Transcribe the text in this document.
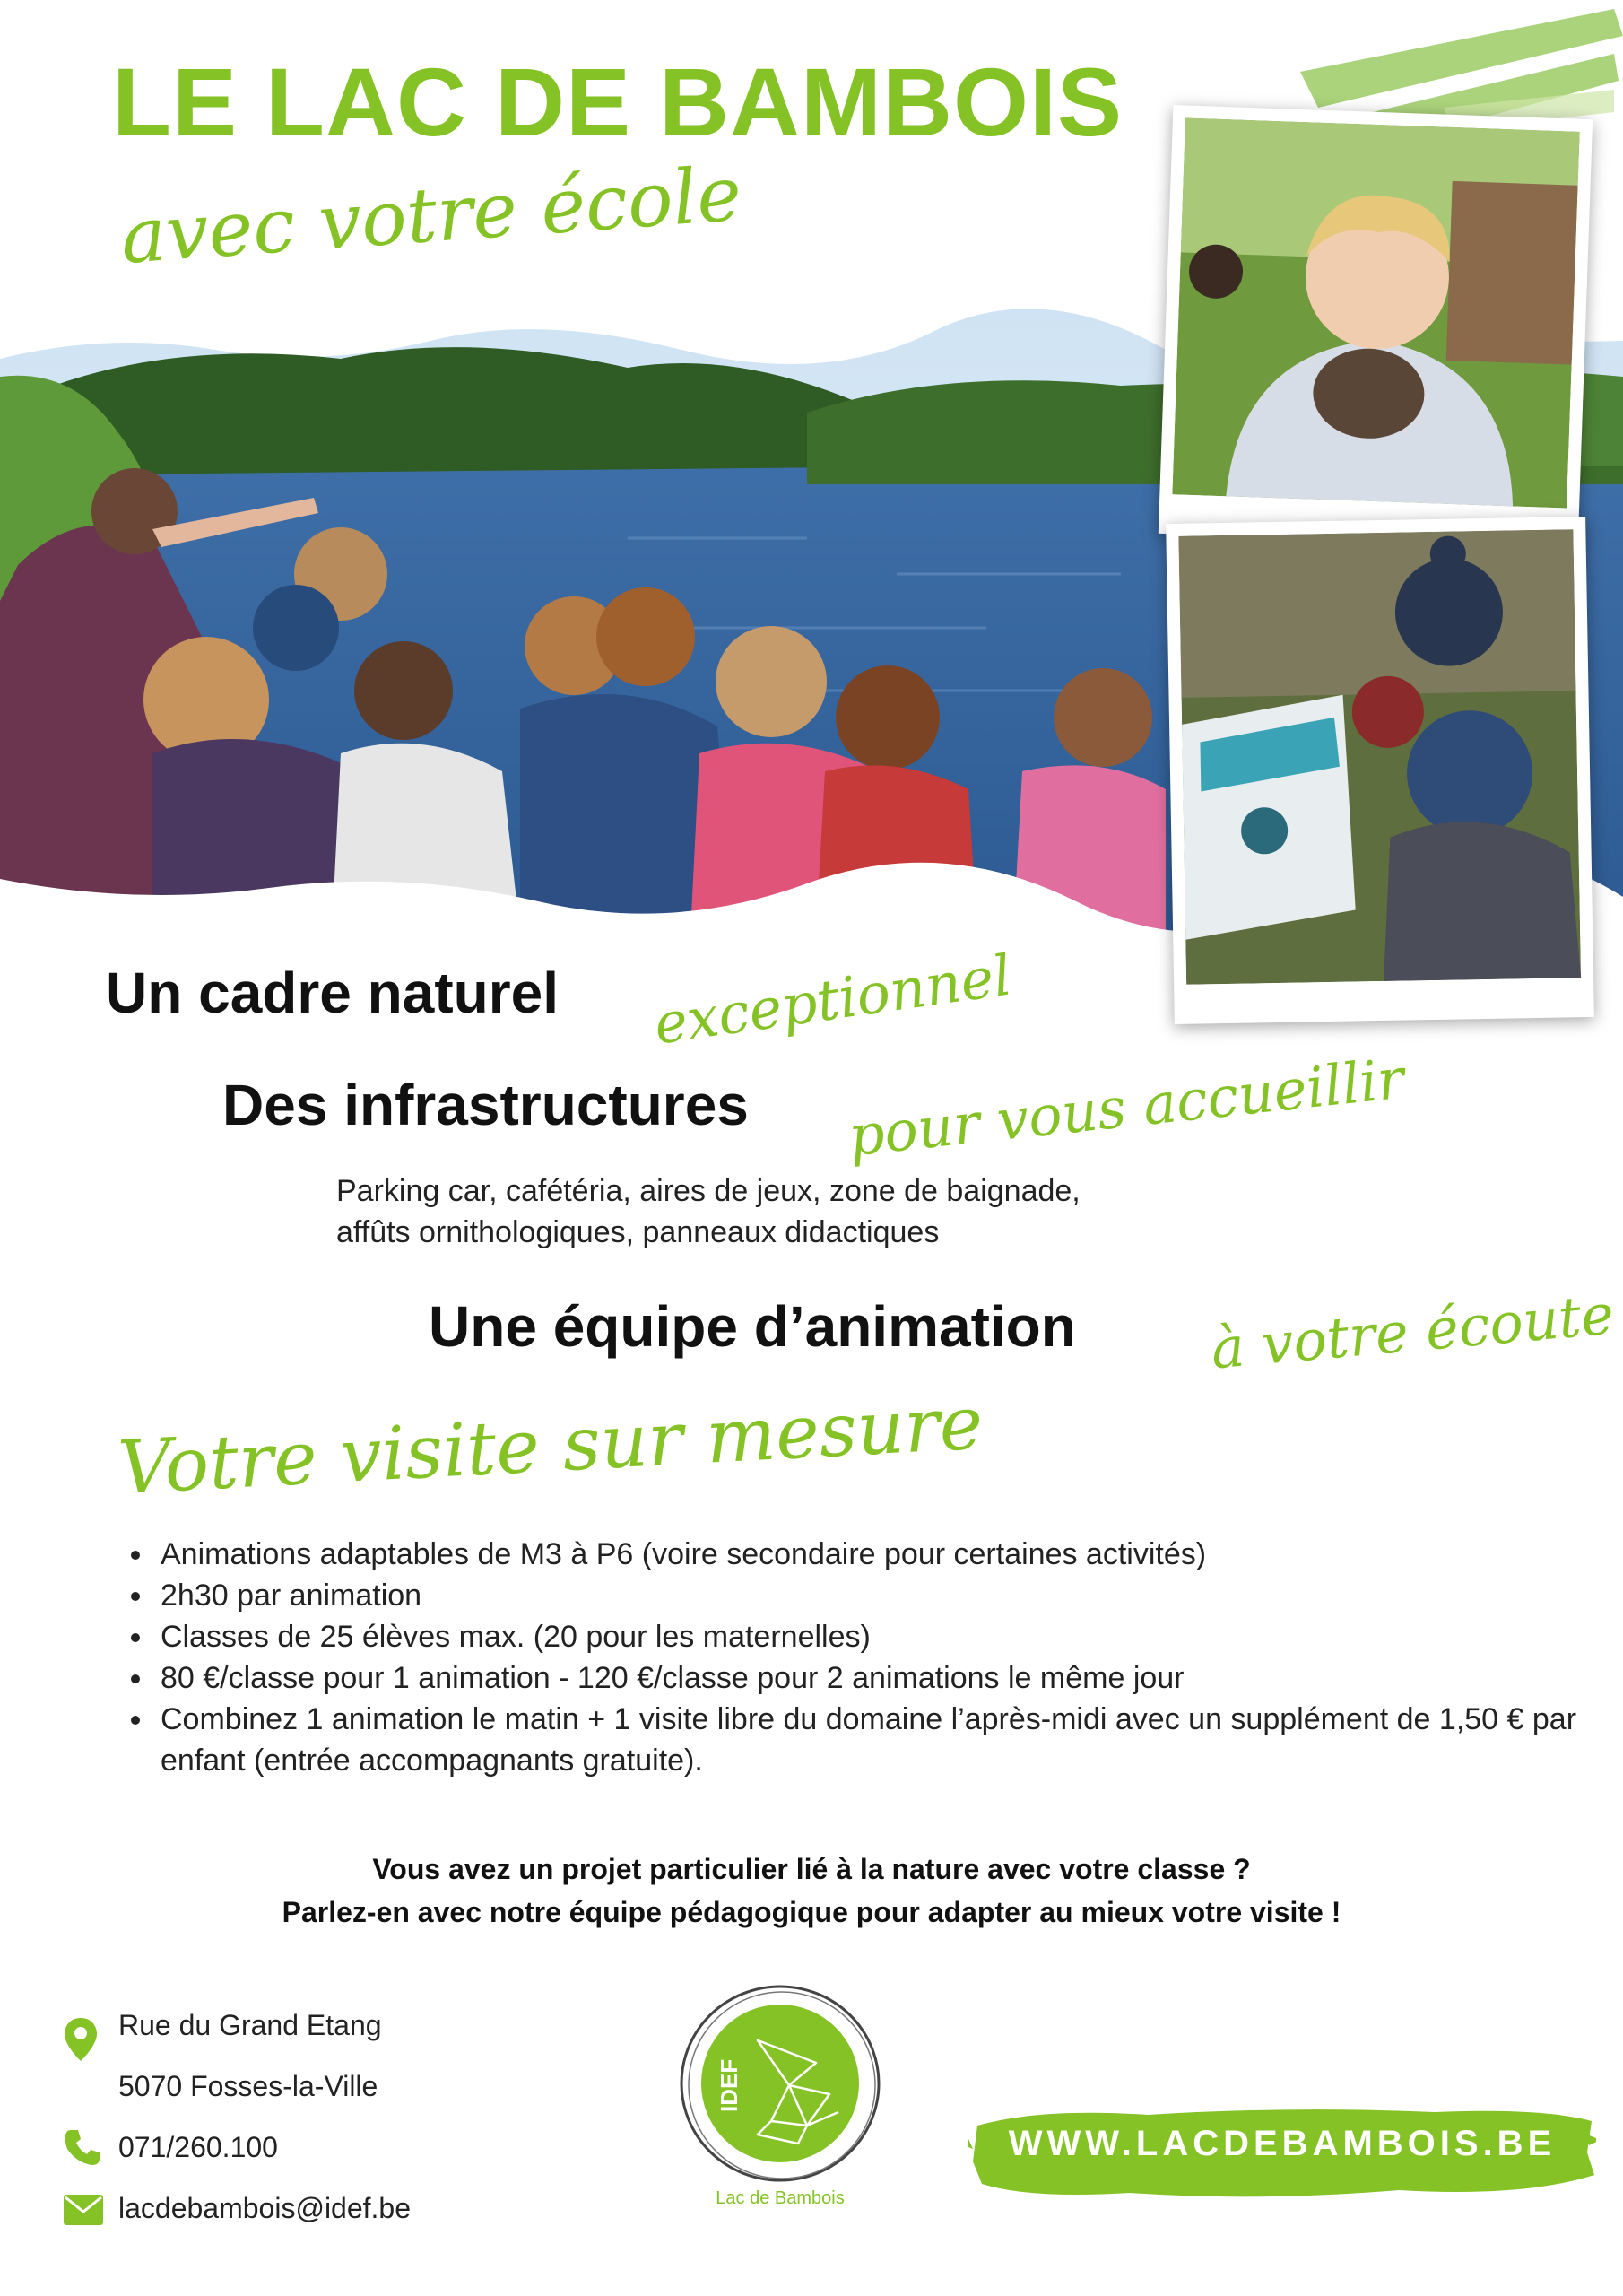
LE LAC DE BAMBOIS
avec votre école
Un cadre naturel exceptionnel
Des infrastructures pour vous accueillir
Parking car, cafétéria, aires de jeux, zone de baignade,
affûts ornithologiques, panneaux didactiques
Une équipe d’animation à votre écoute
Votre visite sur mesure
• Animations adaptables de M3 à P6 (voire secondaire pour certaines activités)
• 2h30 par animation
• Classes de 25 élèves max. (20 pour les maternelles)
• 80 €/classe pour 1 animation - 120 €/classe pour 2 animations le même jour
• Combinez 1 animation le matin + 1 visite libre du domaine l’après-midi avec un supplément de 1,50 € par enfant (entrée accompagnants gratuite).
Vous avez un projet particulier lié à la nature avec votre classe ?
Parlez-en avec notre équipe pédagogique pour adapter au mieux votre visite !
Rue du Grand Etang
5070 Fosses-la-Ville
071/260.100
lacdebambois@idef.be
IDEF
Lac de Bambois
WWW.LACDEBAMBOIS.BE
